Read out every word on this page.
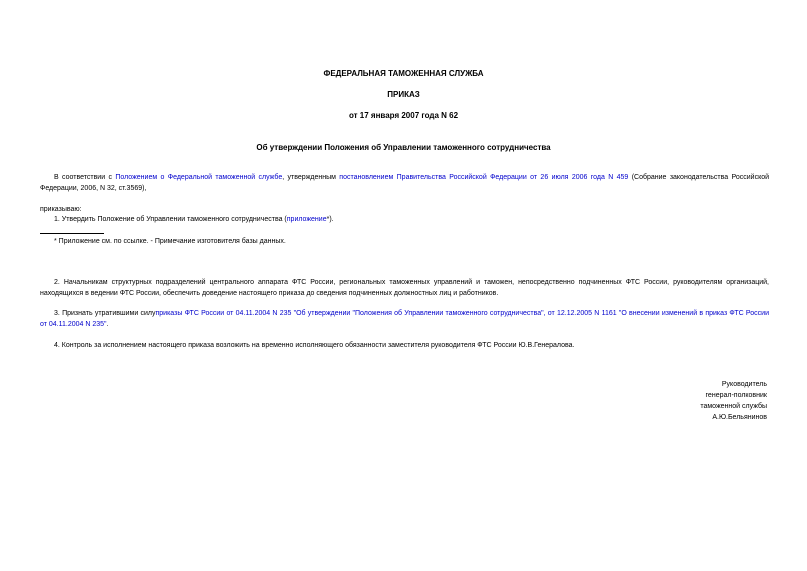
ФЕДЕРАЛЬНАЯ ТАМОЖЕННАЯ СЛУЖБА
ПРИКАЗ
от 17 января 2007 года N 62
Об утверждении Положения об Управлении таможенного сотрудничества
В соответствии с Положением о Федеральной таможенной службе, утвержденным постановлением Правительства Российской Федерации от 26 июля 2006 года N 459 (Собрание законодательства Российской Федерации, 2006, N 32, ст.3569),
приказываю:
1. Утвердить Положение об Управлении таможенного сотрудничества (приложение*).
* Приложение см. по ссылке. - Примечание изготовителя базы данных.
2. Начальникам структурных подразделений центрального аппарата ФТС России, региональных таможенных управлений и таможен, непосредственно подчиненных ФТС России, руководителям организаций, находящихся в ведении ФТС России, обеспечить доведение настоящего приказа до сведения подчиненных должностных лиц и работников.
3. Признать утратившими силуприказы ФТС России от 04.11.2004 N 235 "Об утверждении "Положения об Управлении таможенного сотрудничества", от 12.12.2005 N 1161 "О внесении изменений в приказ ФТС России от 04.11.2004 N 235".
4. Контроль за исполнением настоящего приказа возложить на временно исполняющего обязанности заместителя руководителя ФТС России Ю.В.Генералова.
Руководитель
генерал-полковник
таможенной службы
А.Ю.Бельянинов
